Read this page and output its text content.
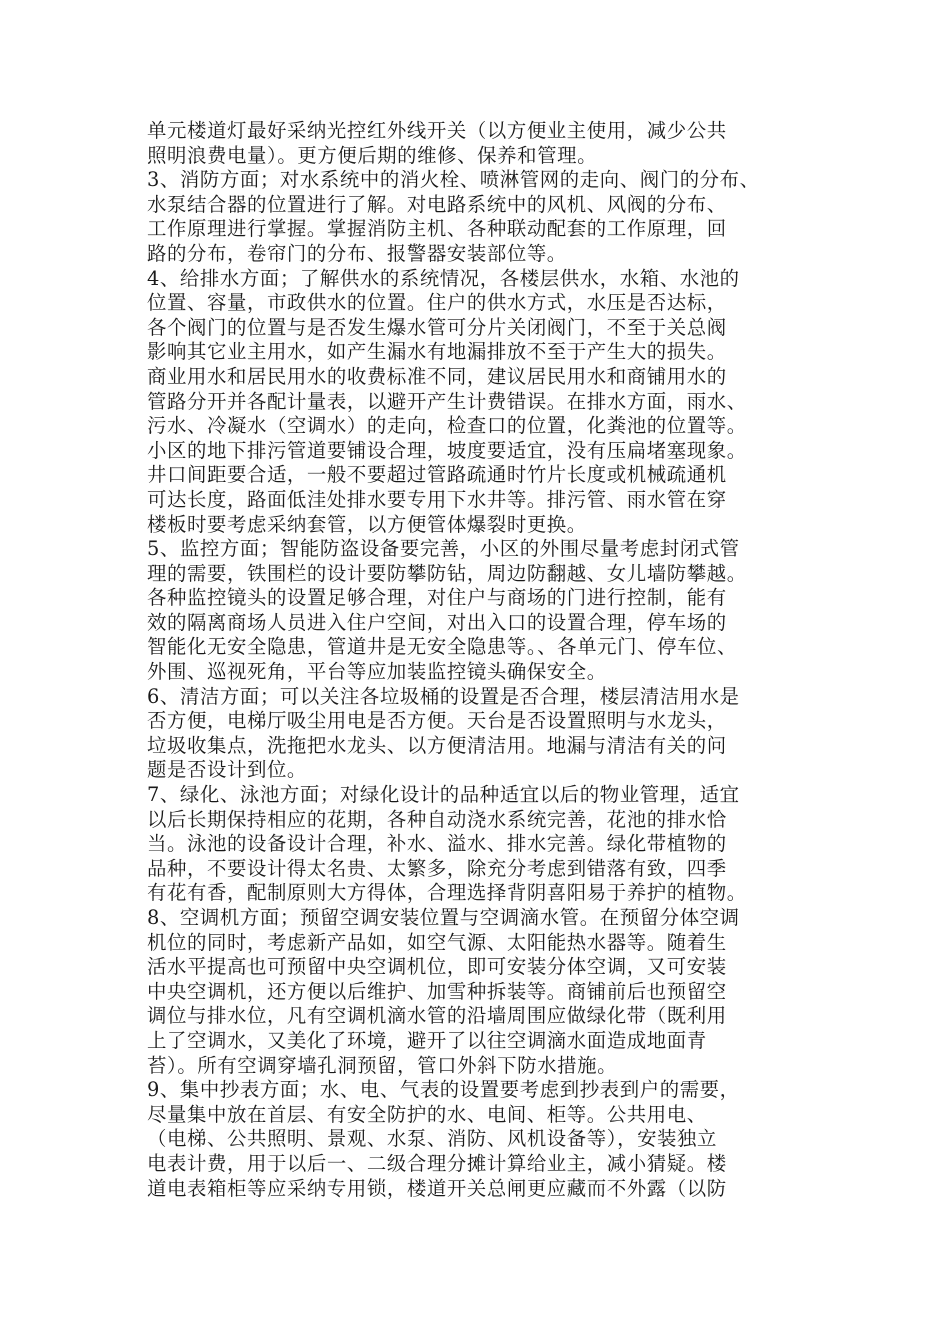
单元楼道灯最好采纳光控红外线开关（以方便业主使用，减少公共
照明浪费电量）。更方便后期的维修、保养和管理。
3、消防方面；对水系统中的消火栓、喷淋管网的走向、阀门的分布、
水泵结合器的位置进行了解。对电路系统中的风机、风阀的分布、
工作原理进行掌握。掌握消防主机、各种联动配套的工作原理，回
路的分布，卷帘门的分布、报警器安装部位等。
4、给排水方面；了解供水的系统情况，各楼层供水，水箱、水池的
位置、容量，市政供水的位置。住户的供水方式，水压是否达标，
各个阀门的位置与是否发生爆水管可分片关闭阀门，不至于关总阀
影响其它业主用水，如产生漏水有地漏排放不至于产生大的损失。
商业用水和居民用水的收费标准不同，建议居民用水和商铺用水的
管路分开并各配计量表，以避开产生计费错误。在排水方面，雨水、
污水、冷凝水（空调水）的走向，检查口的位置，化粪池的位置等。
小区的地下排污管道要铺设合理，坡度要适宜，没有压扁堵塞现象。
井口间距要合适，一般不要超过管路疏通时竹片长度或机械疏通机
可达长度，路面低洼处排水要专用下水井等。排污管、雨水管在穿
楼板时要考虑采纳套管，以方便管体爆裂时更换。
5、监控方面；智能防盗设备要完善，小区的外围尽量考虑封闭式管
理的需要，铁围栏的设计要防攀防钻，周边防翻越、女儿墙防攀越。
各种监控镜头的设置足够合理，对住户与商场的门进行控制，能有
效的隔离商场人员进入住户空间，对出入口的设置合理，停车场的
智能化无安全隐患，管道井是无安全隐患等。、各单元门、停车位、
外围、巡视死角，平台等应加装监控镜头确保安全。
6、清洁方面；可以关注各垃圾桶的设置是否合理，楼层清洁用水是
否方便，电梯厅吸尘用电是否方便。天台是否设置照明与水龙头，
垃圾收集点，洗拖把水龙头、以方便清洁用。地漏与清洁有关的问
题是否设计到位。
7、绿化、泳池方面；对绿化设计的品种适宜以后的物业管理，适宜
以后长期保持相应的花期，各种自动浇水系统完善，花池的排水恰
当。泳池的设备设计合理，补水、溢水、排水完善。绿化带植物的
品种，不要设计得太名贵、太繁多，除充分考虑到错落有致，四季
有花有香，配制原则大方得体，合理选择背阴喜阳易于养护的植物。
8、空调机方面；预留空调安装位置与空调滴水管。在预留分体空调
机位的同时，考虑新产品如，如空气源、太阳能热水器等。随着生
活水平提高也可预留中央空调机位，即可安装分体空调，又可安装
中央空调机，还方便以后维护、加雪种拆装等。商铺前后也预留空
调位与排水位，凡有空调机滴水管的沿墙周围应做绿化带（既利用
上了空调水，又美化了环境，避开了以往空调滴水面造成地面青
苔）。所有空调穿墙孔洞预留，管口外斜下防水措施。
9、集中抄表方面；水、电、气表的设置要考虑到抄表到户的需要，
尽量集中放在首层、有安全防护的水、电间、柜等。公共用电、
（电梯、公共照明、景观、水泵、消防、风机设备等），安装独立
电表计费，用于以后一、二级合理分摊计算给业主，减小猜疑。楼
道电表箱柜等应采纳专用锁，楼道开关总闸更应藏而不外露（以防
